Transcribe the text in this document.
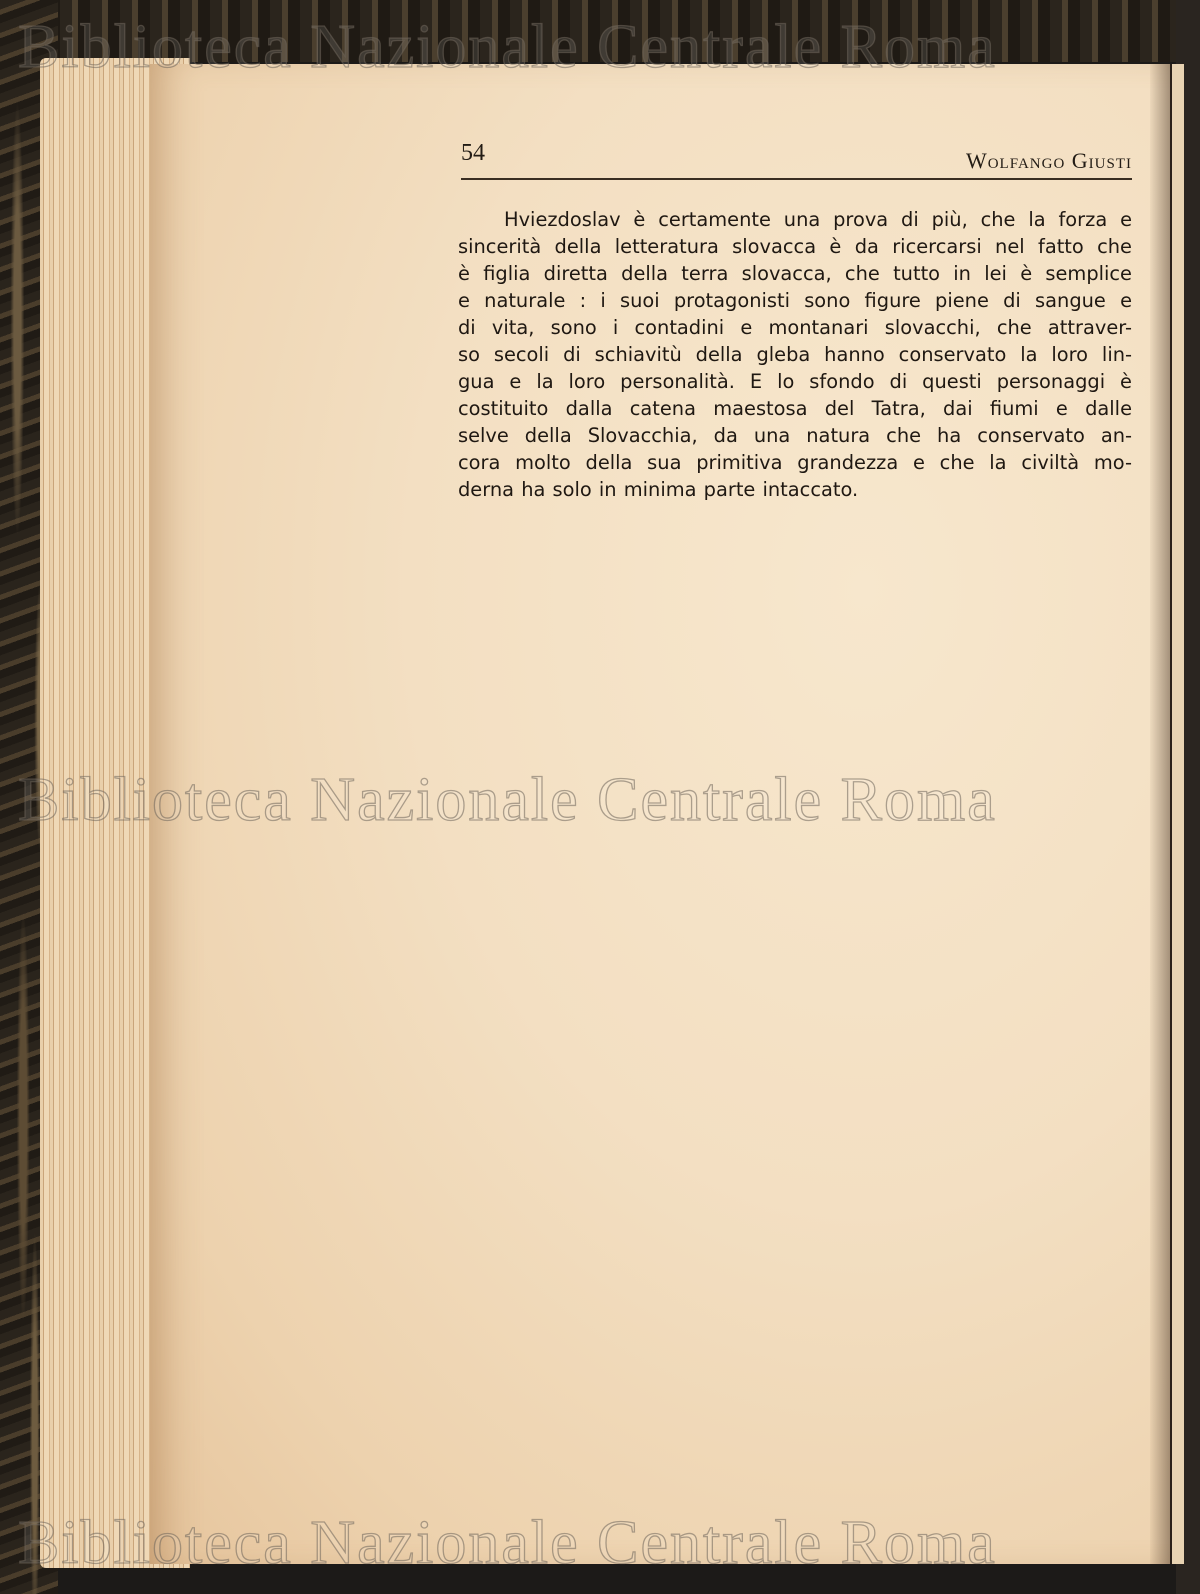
54	Wolfango Giusti
Hviezdoslav è certamente una prova di più, che la forza e
sincerità della letteratura slovacca è da ricercarsi nel fatto che
è figlia diretta della terra slovacca, che tutto in lei è semplice
e naturale : i suoi protagonisti sono figure piene di sangue e
di vita, sono i contadini e montanari slovacchi, che attraver-
so secoli di schiavitù della gleba hanno conservato la loro lin-
gua e la loro personalità. E lo sfondo di questi personaggi è
costituito dalla catena maestosa del Tatra, dai fiumi e dalle
selve della Slovacchia, da una natura che ha conservato an-
cora molto della sua primitiva grandezza e che la civiltà mo-
derna ha solo in minima parte intaccato.
